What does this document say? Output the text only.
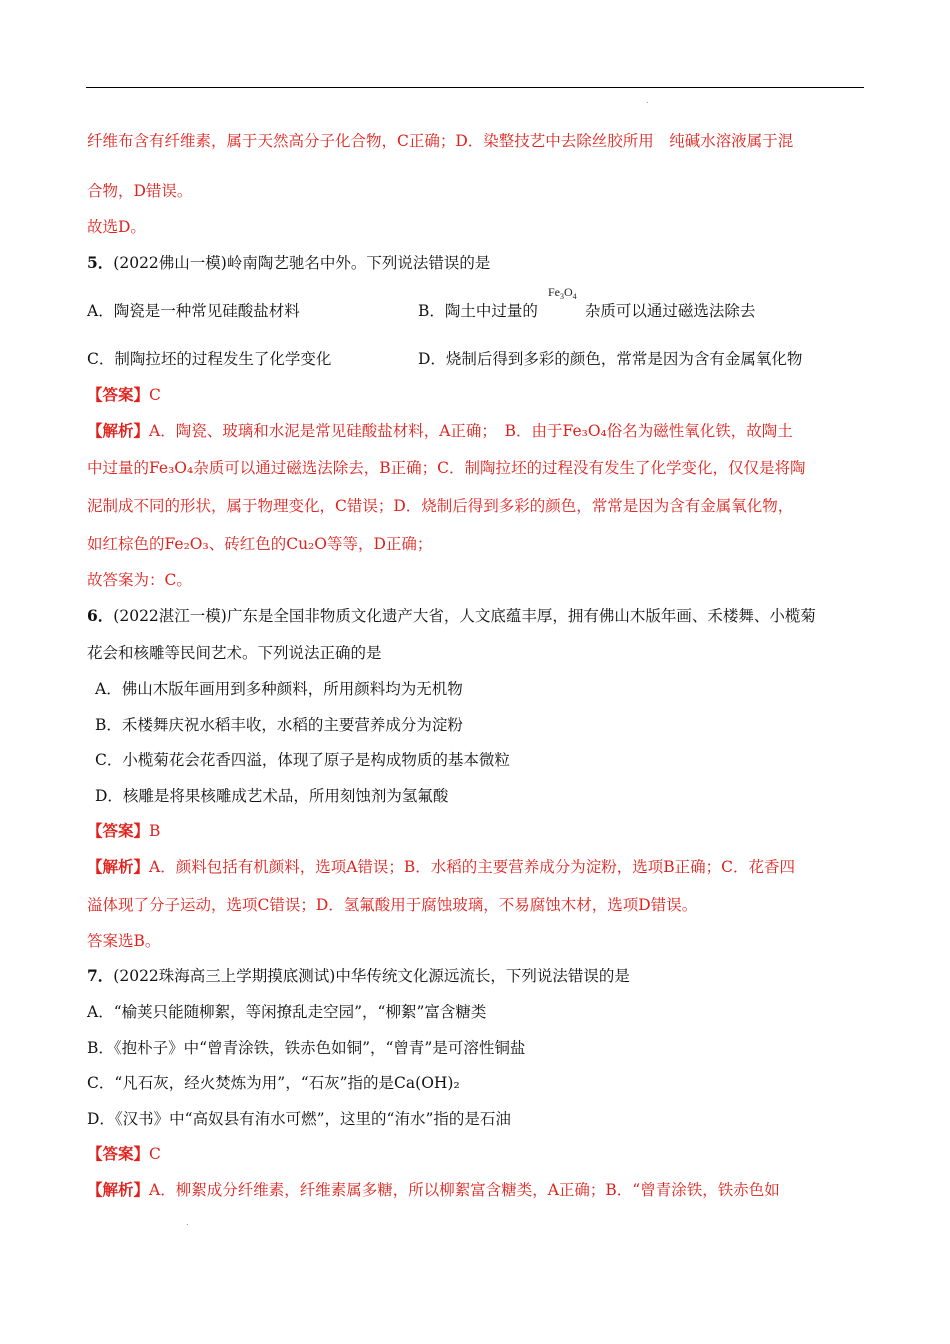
.
纤维布含有纤维素，属于天然高分子化合物，C正确；D．染整技艺中去除丝胶所用　纯碱水溶液属于混
合物，D错误。
故选D。
5．(2022佛山一模)岭南陶艺驰名中外。下列说法错误的是
A．陶瓷是一种常见硅酸盐材料	B．陶土中过量的	杂质可以通过磁选法除去
$Fe_3O_4$
C．制陶拉坯的过程发生了化学变化	D．烧制后得到多彩的颜色，常常是因为含有金属氧化物
【答案】C
【解析】A．陶瓷、玻璃和水泥是常见硅酸盐材料，A正确；　B．由于Fe₃O₄俗名为磁性氧化铁，故陶土
中过量的Fe₃O₄杂质可以通过磁选法除去，B正确；C．制陶拉坯的过程没有发生了化学变化，仅仅是将陶
泥制成不同的形状，属于物理变化，C错误；D．烧制后得到多彩的颜色，常常是因为含有金属氧化物，
如红棕色的Fe₂O₃、砖红色的Cu₂O等等，D正确；
故答案为：C。
6．(2022湛江一模)广东是全国非物质文化遗产大省，人文底蕴丰厚，拥有佛山木版年画、禾楼舞、小榄菊
花会和核雕等民间艺术。下列说法正确的是
A．佛山木版年画用到多种颜料，所用颜料均为无机物
B．禾楼舞庆祝水稻丰收，水稻的主要营养成分为淀粉
C．小榄菊花会花香四溢，体现了原子是构成物质的基本微粒
D．核雕是将果核雕成艺术品，所用刻蚀剂为氢氟酸
【答案】B
【解析】A．颜料包括有机颜料，选项A错误；B．水稻的主要营养成分为淀粉，选项B正确；C．花香四
溢体现了分子运动，选项C错误；D．氢氟酸用于腐蚀玻璃，不易腐蚀木材，选项D错误。
答案选B。
7．(2022珠海高三上学期摸底测试)中华传统文化源远流长，下列说法错误的是
A．“榆荚只能随柳絮，等闲撩乱走空园”，“柳絮”富含糖类
B．《抱朴子》中“曾青涂铁，铁赤色如铜”，“曾青”是可溶性铜盐
C．“凡石灰，经火焚炼为用”，“石灰”指的是Ca(OH)₂
D．《汉书》中“高奴县有洧水可燃”，这里的“洧水”指的是石油
【答案】C
【解析】A．柳絮成分纤维素，纤维素属多糖，所以柳絮富含糖类，A正确；B．“曾青涂铁，铁赤色如
.
